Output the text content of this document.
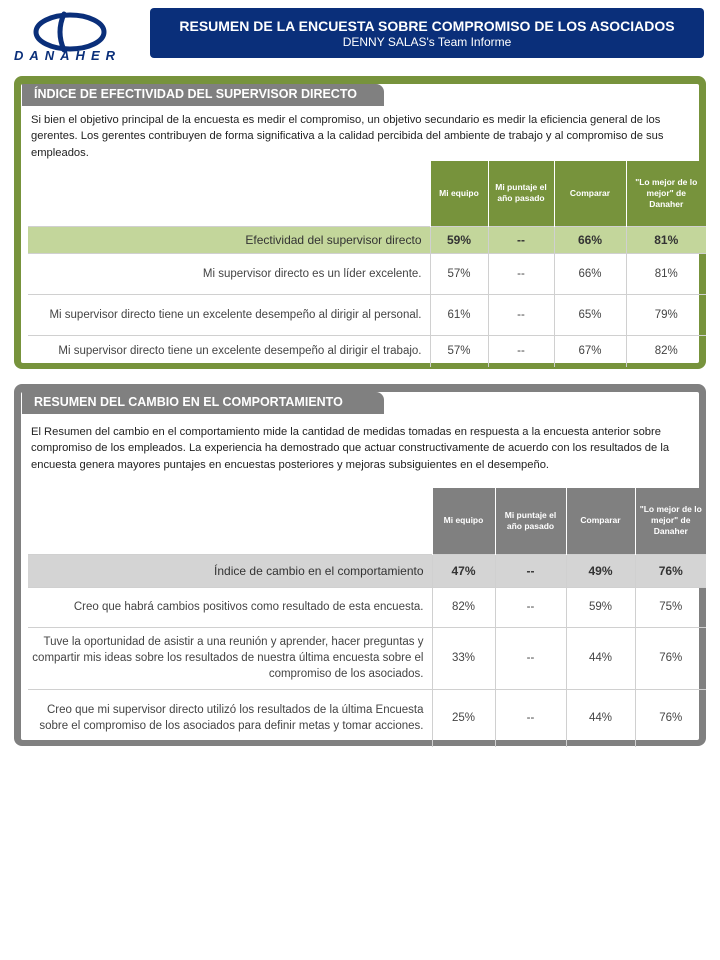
DANAHER
RESUMEN DE LA ENCUESTA SOBRE COMPROMISO DE LOS ASOCIADOS
DENNY SALAS's Team Informe
Si bien el objetivo principal de la encuesta es medir el compromiso, un objetivo secundario es medir la eficiencia general de los gerentes. Los gerentes contribuyen de forma significativa a la calidad percibida del ambiente de trabajo y al compromiso de sus empleados.
	Mi equipo	Mi puntaje el año pasado	Comparar	"Lo mejor de lo mejor" de Danaher
Efectividad del supervisor directo	59%	--	66%	81%
Mi supervisor directo es un líder excelente.	57%	--	66%	81%
Mi supervisor directo tiene un excelente desempeño al dirigir al personal.	61%	--	65%	79%
Mi supervisor directo tiene un excelente desempeño al dirigir el trabajo.	57%	--	67%	82%
ÍNDICE DE EFECTIVIDAD DEL SUPERVISOR DIRECTO
El Resumen del cambio en el comportamiento mide la cantidad de medidas tomadas en respuesta a la encuesta anterior sobre compromiso de los empleados. La experiencia ha demostrado que actuar constructivamente de acuerdo con los resultados de la encuesta genera mayores puntajes en encuestas posteriores y mejoras subsiguientes en el desempeño.
	Mi equipo	Mi puntaje el año pasado	Comparar	"Lo mejor de lo mejor" de Danaher
Índice de cambio en el comportamiento	47%	--	49%	76%
Creo que habrá cambios positivos como resultado de esta encuesta.	82%	--	59%	75%
Tuve la oportunidad de asistir a una reunión y aprender, hacer preguntas y compartir mis ideas sobre los resultados de nuestra última encuesta sobre el compromiso de los asociados.	33%	--	44%	76%
Creo que mi supervisor directo utilizó los resultados de la última Encuesta sobre el compromiso de los asociados para definir metas y tomar acciones.	25%	--	44%	76%
RESUMEN DEL CAMBIO EN EL COMPORTAMIENTO
